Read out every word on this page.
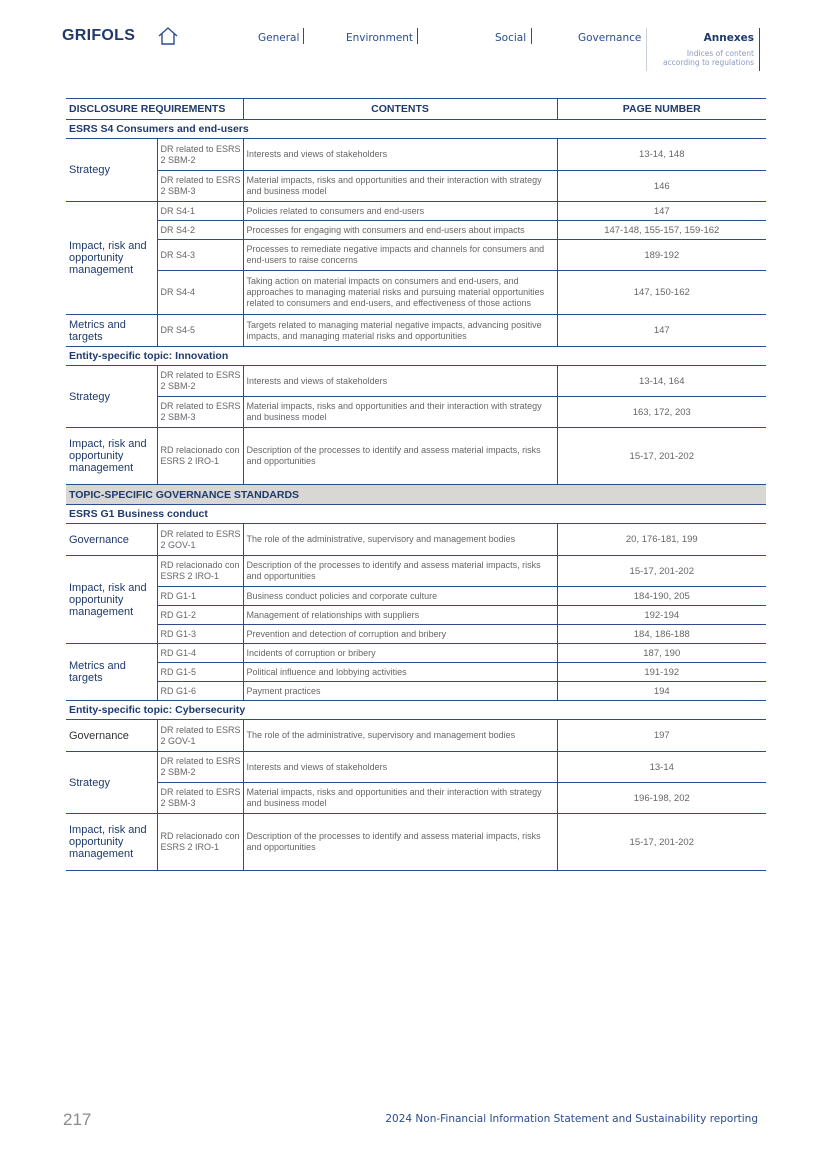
GRIFOLS	General	Environment	Social	Governance	Annexes
Indices of content
according to regulations
DISCLOSURE REQUIREMENTS		CONTENTS	PAGE NUMBER
ESRS S4 Consumers and end-users			
Strategy	DR related to ESRS 2 SBM-2	Interests and views of stakeholders	13-14, 148
	DR related to ESRS 2 SBM-3	Material impacts, risks and opportunities and their interaction with strategy and business model	146
Impact, risk and opportunity management	DR S4-1	Policies related to consumers and end-users	147
	DR S4-2	Processes for engaging with consumers and end-users about impacts	147-148, 155-157, 159-162
	DR S4-3	Processes to remediate negative impacts and channels for consumers and end-users to raise concerns	189-192
	DR S4-4	Taking action on material impacts on consumers and end-users, and approaches to managing material risks and pursuing material opportunities related to consumers and end-users, and effectiveness of those actions	147, 150-162
Metrics and targets	DR S4-5	Targets related to managing material negative impacts, advancing positive impacts, and managing material risks and opportunities	147
Entity-specific topic: Innovation			
Strategy	DR related to ESRS 2 SBM-2	Interests and views of stakeholders	13-14, 164
	DR related to ESRS 2 SBM-3	Material impacts, risks and opportunities and their interaction with strategy and business model	163, 172, 203
Impact, risk and opportunity management	RD relacionado con ESRS 2 IRO-1	Description of the processes to identify and assess material impacts, risks and opportunities	15-17, 201-202
TOPIC-SPECIFIC GOVERNANCE STANDARDS			
ESRS G1 Business conduct			
Governance	DR related to ESRS 2 GOV-1	The role of the administrative, supervisory and management bodies	20, 176-181, 199
Impact, risk and opportunity management	RD relacionado con ESRS 2 IRO-1	Description of the processes to identify and assess material impacts, risks and opportunities	15-17, 201-202
	RD G1-1	Business conduct policies and corporate culture	184-190, 205
	RD G1-2	Management of relationships with suppliers	192-194
	RD G1-3	Prevention and detection of corruption and bribery	184, 186-188
Metrics and targets	RD G1-4	Incidents of corruption or bribery	187, 190
	RD G1-5	Political influence and lobbying activities	191-192
	RD G1-6	Payment practices	194
Entity-specific topic: Cybersecurity			
Governance	DR related to ESRS 2 GOV-1	The role of the administrative, supervisory and management bodies	197
Strategy	DR related to ESRS 2 SBM-2	Interests and views of stakeholders	13-14
	DR related to ESRS 2 SBM-3	Material impacts, risks and opportunities and their interaction with strategy and business model	196-198, 202
Impact, risk and opportunity management	RD relacionado con ESRS 2 IRO-1	Description of the processes to identify and assess material impacts, risks and opportunities	15-17, 201-202
217	2024 Non-Financial Information Statement and Sustainability reporting
